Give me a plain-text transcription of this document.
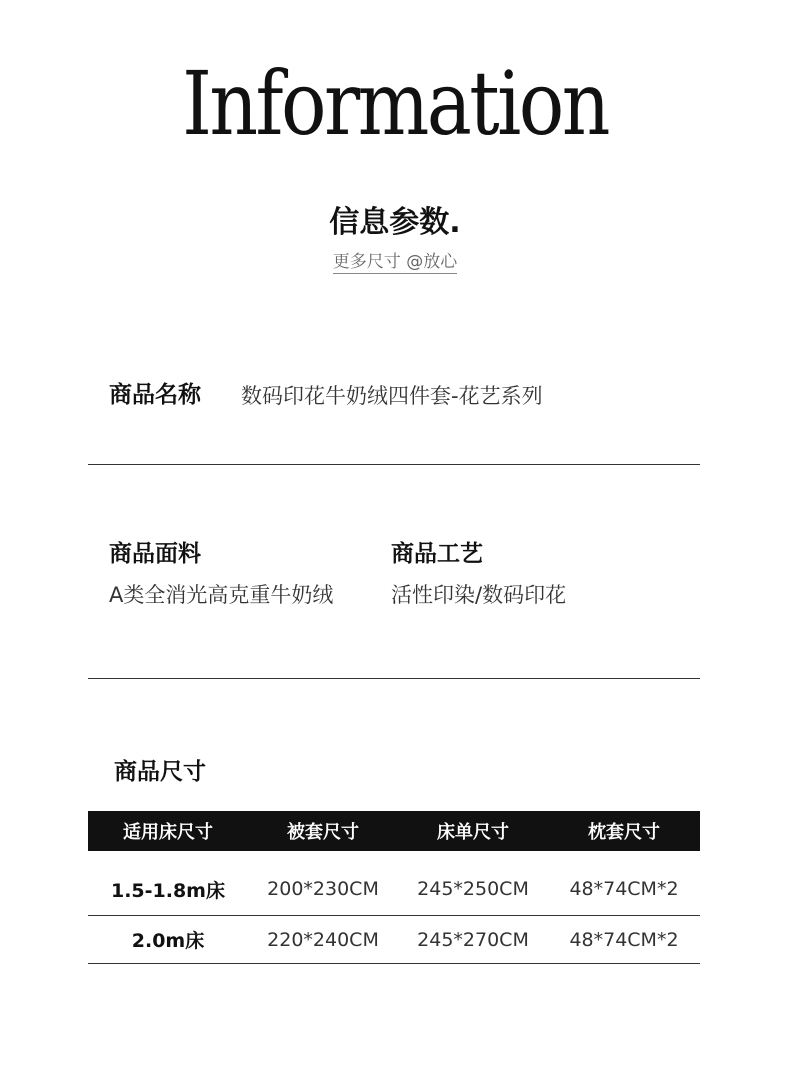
Information
信息参数.
更多尺寸 @放心
商品名称 数码印花牛奶绒四件套-花艺系列
商品面料
A类全消光高克重牛奶绒
商品工艺
活性印染/数码印花
商品尺寸
适用床尺寸	被套尺寸	床单尺寸	枕套尺寸
1.5-1.8m床	200*230CM	245*250CM	48*74CM*2
2.0m床	220*240CM	245*270CM	48*74CM*2
